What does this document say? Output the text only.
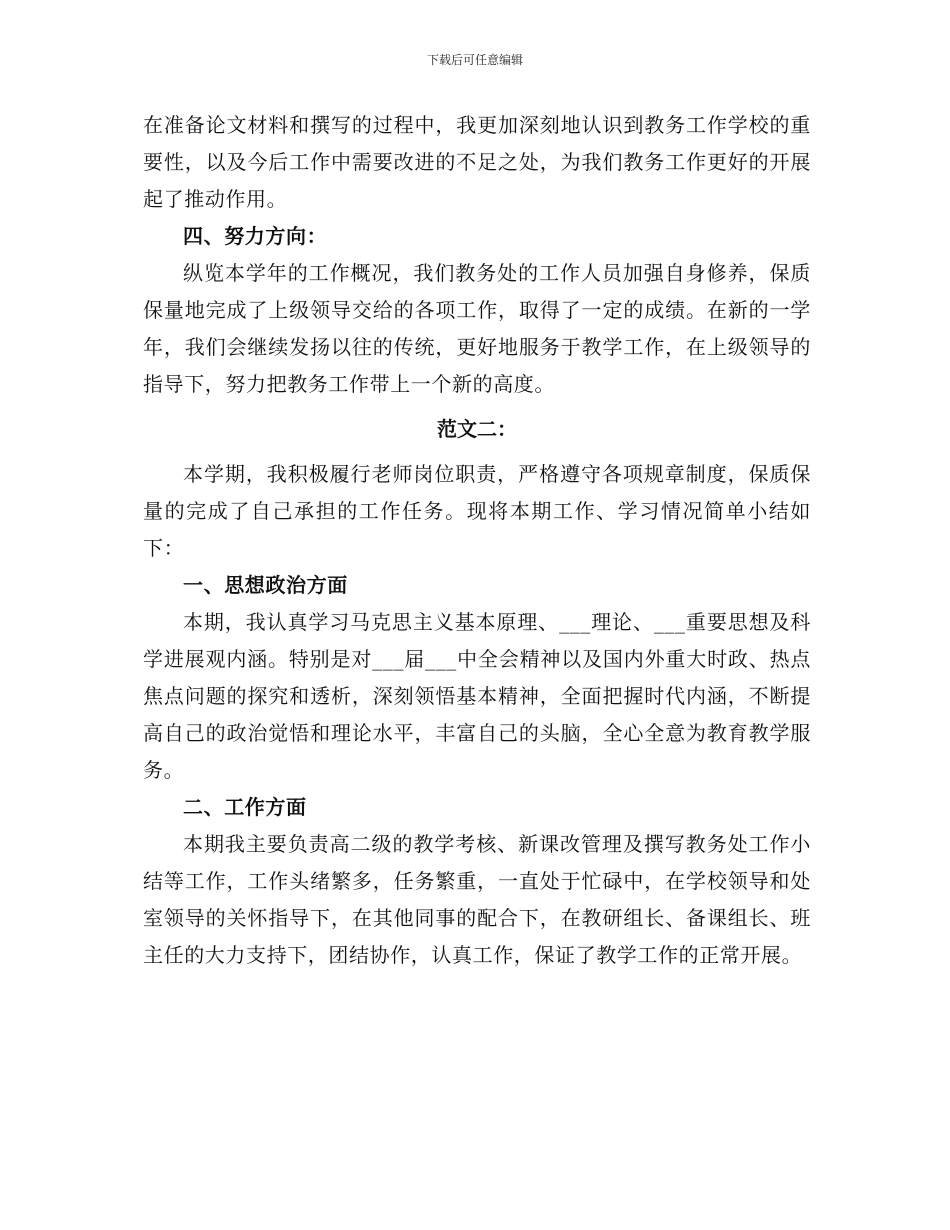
下载后可任意编辑

在准备论文材料和撰写的过程中，我更加深刻地认识到教务工作学校的重要性，以及今后工作中需要改进的不足之处，为我们教务工作更好的开展起了推动作用。

四、努力方向：

纵览本学年的工作概况，我们教务处的工作人员加强自身修养，保质保量地完成了上级领导交给的各项工作，取得了一定的成绩。在新的一学年，我们会继续发扬以往的传统，更好地服务于教学工作，在上级领导的指导下，努力把教务工作带上一个新的高度。

范文二：

本学期，我积极履行老师岗位职责，严格遵守各项规章制度，保质保量的完成了自己承担的工作任务。现将本期工作、学习情况简单小结如下：

一、思想政治方面

本期，我认真学习马克思主义基本原理、___理论、___重要思想及科学进展观内涵。特别是对___届___中全会精神以及国内外重大时政、热点焦点问题的探究和透析，深刻领悟基本精神，全面把握时代内涵，不断提高自己的政治觉悟和理论水平，丰富自己的头脑，全心全意为教育教学服务。

二、工作方面

本期我主要负责高二级的教学考核、新课改管理及撰写教务处工作小结等工作，工作头绪繁多，任务繁重，一直处于忙碌中，在学校领导和处室领导的关怀指导下，在其他同事的配合下，在教研组长、备课组长、班主任的大力支持下，团结协作，认真工作，保证了教学工作的正常开展。
